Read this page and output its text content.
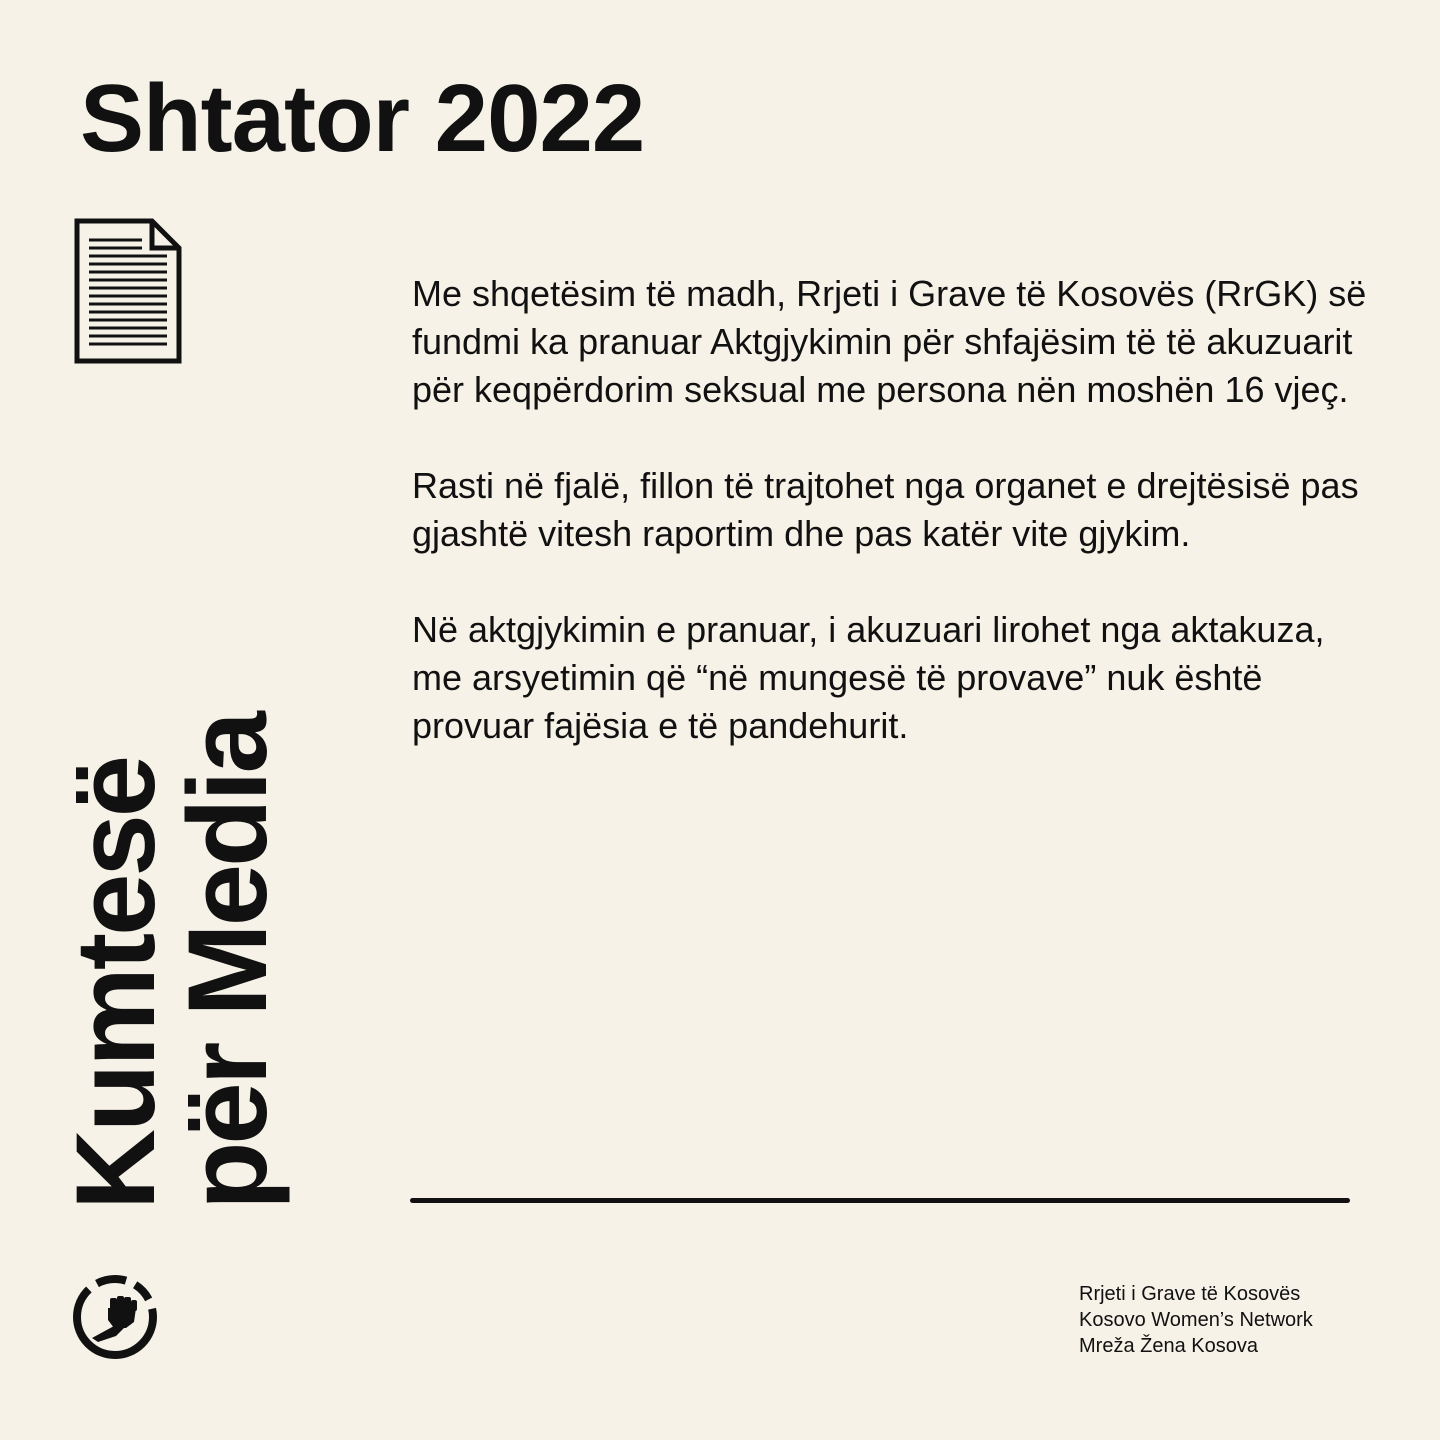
Shtator 2022
Kumtesë
për Media

Me shqetësim të madh, Rrjeti i Grave të Kosovës (RrGK) së fundmi ka pranuar Aktgjykimin për shfajësim të të akuzuarit për keqpërdorim seksual me persona nën moshën 16 vjeç.

Rasti në fjalë, fillon të trajtohet nga organet e drejtësisë pas gjashtë vitesh raportim dhe pas katër vite gjykim.

Në aktgjykimin e pranuar, i akuzuari lirohet nga aktakuza, me arsyetimin që “në mungesë të provave” nuk është provuar fajësia e të pandehurit.

Rrjeti i Grave të Kosovës
Kosovo Women’s Network
Mreža Žena Kosova
